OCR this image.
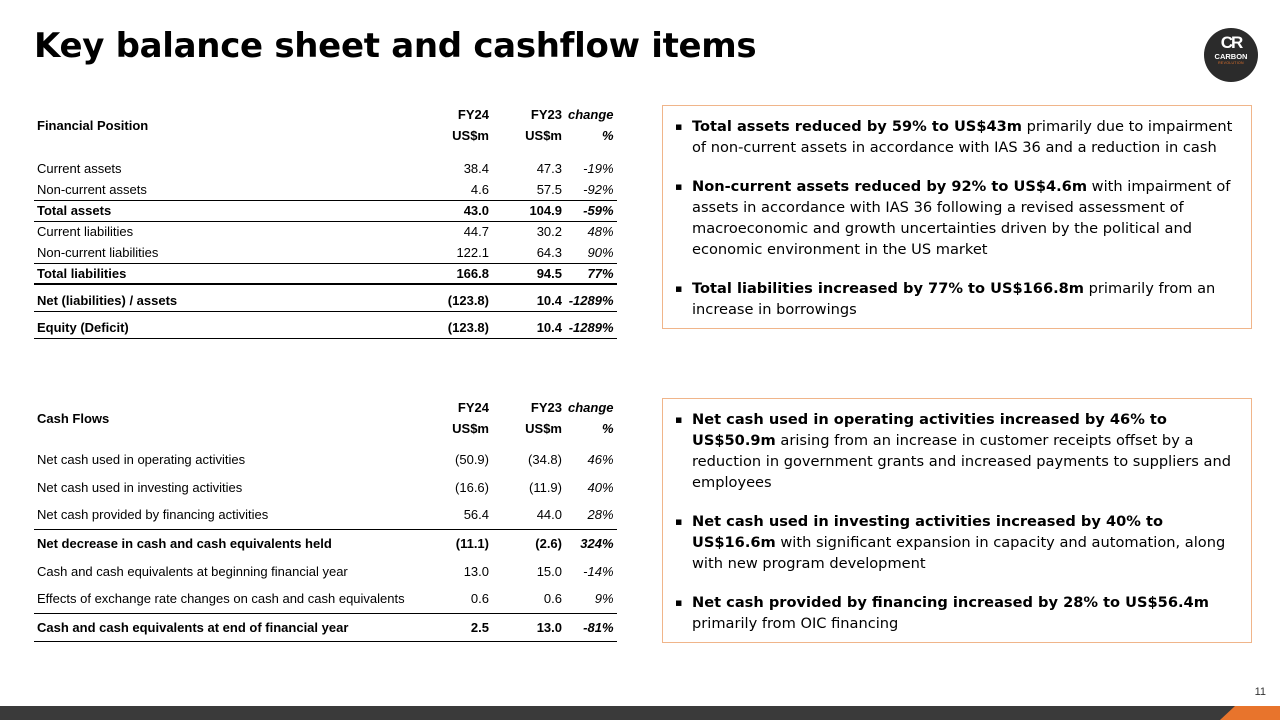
Key balance sheet and cashflow items	CR
CARBON
REVOLUTION
Financial Position	FY24	FY23	change
	US$m	US$m	%

Current assets	38.4	47.3	-19%
Non-current assets	4.6	57.5	-92%
Total assets	43.0	104.9	-59%
Current liabilities	44.7	30.2	48%
Non-current liabilities	122.1	64.3	90%
Total liabilities	166.8	94.5	77%

Net (liabilities) / assets	(123.8)	10.4	-1289%

Equity (Deficit)	(123.8)	10.4	-1289%
Cash Flows	FY24	FY23	change
	US$m	US$m	%

Net cash used in operating activities	(50.9)	(34.8)	46%
Net cash used in investing activities	(16.6)	(11.9)	40%
Net cash provided by financing activities	56.4	44.0	28%
Net decrease in cash and cash equivalents held	(11.1)	(2.6)	324%
Cash and cash equivalents at beginning financial year	13.0	15.0	-14%
Effects of exchange rate changes on cash and cash equivalents	0.6	0.6	9%
Cash and cash equivalents at end of financial year	2.5	13.0	-81%
▪ Total assets reduced by 59% to US$43m primarily due to impairment of non-current assets in accordance with IAS 36 and a reduction in cash
▪ Non-current assets reduced by 92% to US$4.6m with impairment of assets in accordance with IAS 36 following a revised assessment of macroeconomic and growth uncertainties driven by the political and economic environment in the US market
▪ Total liabilities increased by 77% to US$166.8m primarily from an increase in borrowings
▪ Net cash used in operating activities increased by 46% to US$50.9m arising from an increase in customer receipts offset by a reduction in government grants and increased payments to suppliers and employees
▪ Net cash used in investing activities increased by 40% to US$16.6m with significant expansion in capacity and automation, along with new program development
▪ Net cash provided by financing increased by 28% to US$56.4m primarily from OIC financing
11
